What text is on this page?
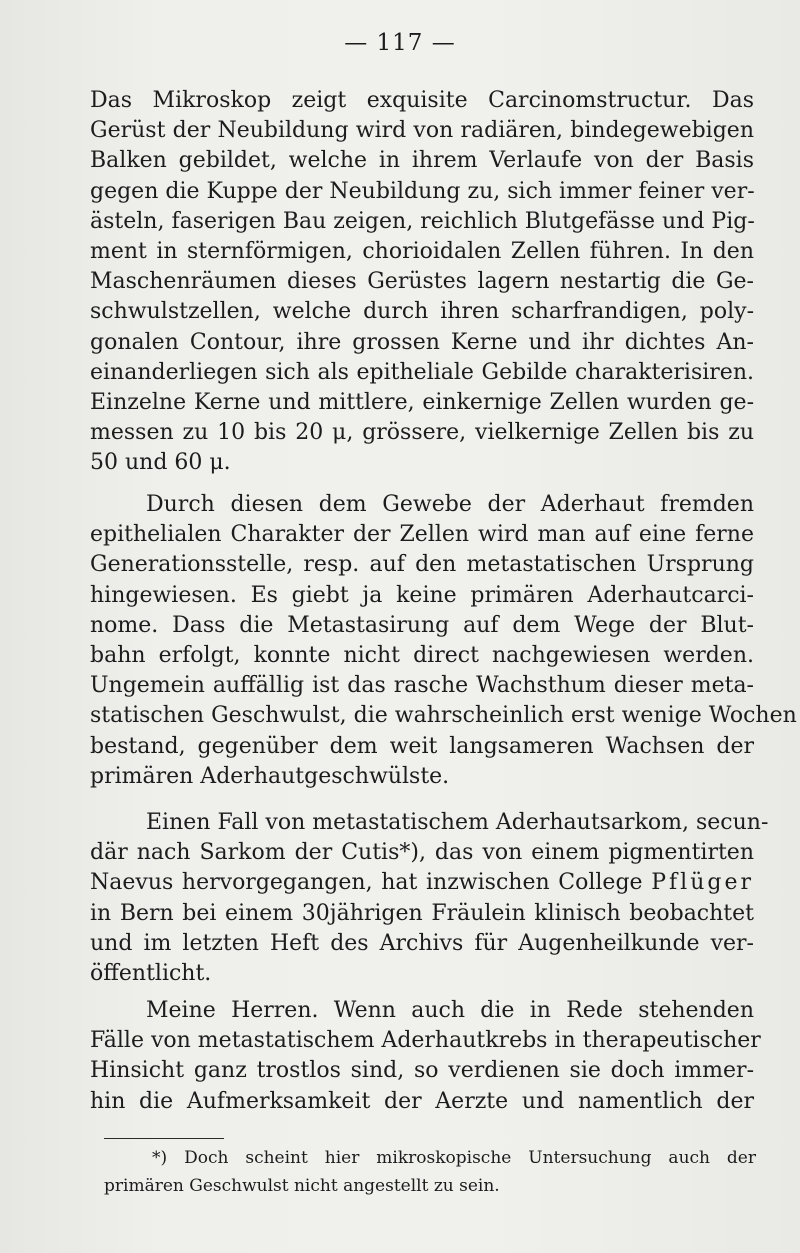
— 117 —

Das Mikroskop zeigt exquisite Carcinomstructur. Das
Gerüst der Neubildung wird von radiären, bindegewebigen
Balken gebildet, welche in ihrem Verlaufe von der Basis
gegen die Kuppe der Neubildung zu, sich immer feiner ver-
ästeln, faserigen Bau zeigen, reichlich Blutgefässe und Pig-
ment in sternförmigen, chorioidalen Zellen führen. In den
Maschenräumen dieses Gerüstes lagern nestartig die Ge-
schwulstzellen, welche durch ihren scharfrandigen, poly-
gonalen Contour, ihre grossen Kerne und ihr dichtes An-
einanderliegen sich als epitheliale Gebilde charakterisiren.
Einzelne Kerne und mittlere, einkernige Zellen wurden ge-
messen zu 10 bis 20 μ, grössere, vielkernige Zellen bis zu
50 und 60 μ.
Durch diesen dem Gewebe der Aderhaut fremden
epithelialen Charakter der Zellen wird man auf eine ferne
Generationsstelle, resp. auf den metastatischen Ursprung
hingewiesen. Es giebt ja keine primären Aderhautcarci-
nome. Dass die Metastasirung auf dem Wege der Blut-
bahn erfolgt, konnte nicht direct nachgewiesen werden.
Ungemein auffällig ist das rasche Wachsthum dieser meta-
statischen Geschwulst, die wahrscheinlich erst wenige Wochen
bestand, gegenüber dem weit langsameren Wachsen der
primären Aderhautgeschwülste.
Einen Fall von metastatischem Aderhautsarkom, secun-
där nach Sarkom der Cutis*), das von einem pigmentirten
Naevus hervorgegangen, hat inzwischen College Pflüger
in Bern bei einem 30jährigen Fräulein klinisch beobachtet
und im letzten Heft des Archivs für Augenheilkunde ver-
öffentlicht.
Meine Herren. Wenn auch die in Rede stehenden
Fälle von metastatischem Aderhautkrebs in therapeutischer
Hinsicht ganz trostlos sind, so verdienen sie doch immer-
hin die Aufmerksamkeit der Aerzte und namentlich der
*) Doch scheint hier mikroskopische Untersuchung auch der
primären Geschwulst nicht angestellt zu sein.
